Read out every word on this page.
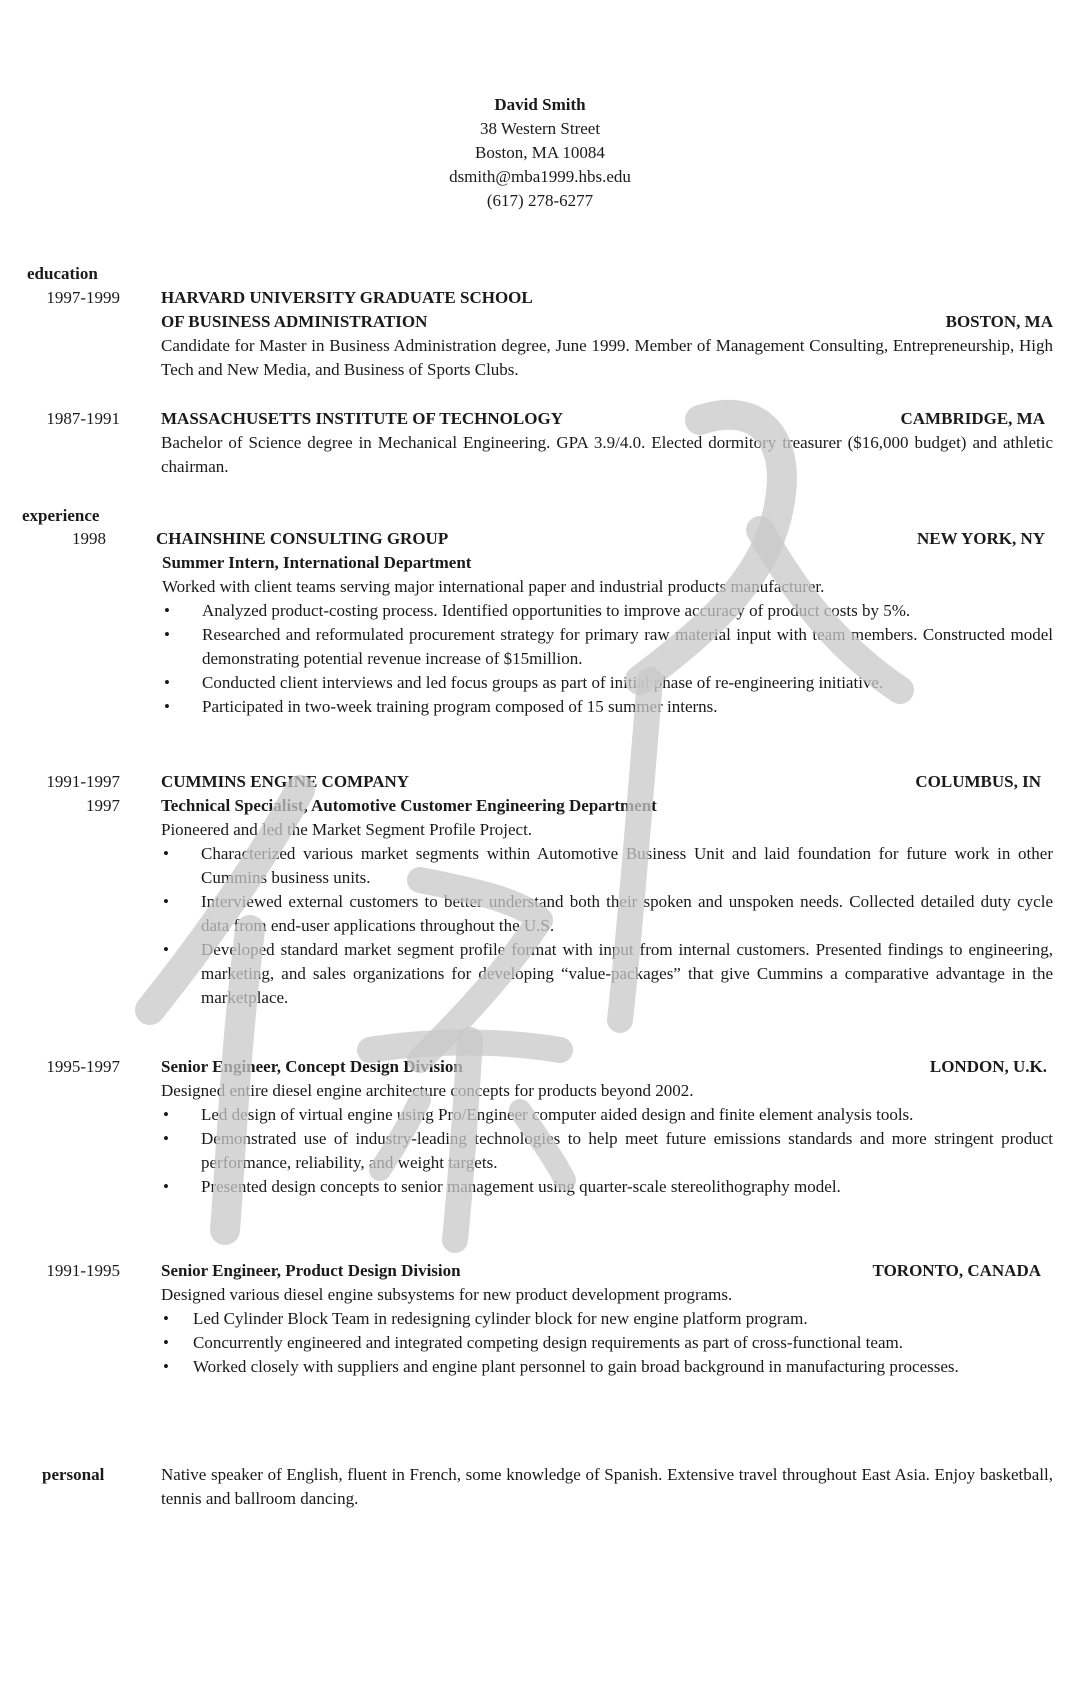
David Smith
38 Western Street
Boston, MA 10084
dsmith@mba1999.hbs.edu
(617) 278-6277
education
1997-1999 HARVARD UNIVERSITY GRADUATE SCHOOL
OF BUSINESS ADMINISTRATION	BOSTON, MA
Candidate for Master in Business Administration degree, June 1999. Member of Management Consulting, Entrepreneurship, High Tech and New Media, and Business of Sports Clubs.
1987-1991 MASSACHUSETTS INSTITUTE OF TECHNOLOGY	CAMBRIDGE, MA
Bachelor of Science degree in Mechanical Engineering. GPA 3.9/4.0. Elected dormitory treasurer ($16,000 budget) and athletic chairman.
experience
1998	CHAINSHINE CONSULTING GROUP	NEW YORK, NY
Summer Intern, International Department
Worked with client teams serving major international paper and industrial products manufacturer.
• Analyzed product-costing process. Identified opportunities to improve accuracy of product costs by 5%.
• Researched and reformulated procurement strategy for primary raw material input with team members. Constructed model demonstrating potential revenue increase of $15million.
• Conducted client interviews and led focus groups as part of initial phase of re-engineering initiative.
• Participated in two-week training program composed of 15 summer interns.
1991-1997
1997
CUMMINS ENGINE COMPANY	COLUMBUS, IN
Technical Specialist, Automotive Customer Engineering Department
Pioneered and led the Market Segment Profile Project.
• Characterized various market segments within Automotive Business Unit and laid foundation for future work in other Cummins business units.
• Interviewed external customers to better understand both their spoken and unspoken needs. Collected detailed duty cycle data from end-user applications throughout the U.S.
• Developed standard market segment profile format with input from internal customers. Presented findings to engineering, marketing, and sales organizations for developing “value-packages” that give Cummins a comparative advantage in the marketplace.
1995-1997 Senior Engineer, Concept Design Division	LONDON, U.K.
Designed entire diesel engine architecture concepts for products beyond 2002.
• Led design of virtual engine using Pro/Engineer computer aided design and finite element analysis tools.
• Demonstrated use of industry-leading technologies to help meet future emissions standards and more stringent product performance, reliability, and weight targets.
• Presented design concepts to senior management using quarter-scale stereolithography model.
1991-1995 Senior Engineer, Product Design Division	TORONTO, CANADA
Designed various diesel engine subsystems for new product development programs.
• Led Cylinder Block Team in redesigning cylinder block for new engine platform program.
• Concurrently engineered and integrated competing design requirements as part of cross-functional team.
• Worked closely with suppliers and engine plant personnel to gain broad background in manufacturing processes.
personal	Native speaker of English, fluent in French, some knowledge of Spanish. Extensive travel throughout East Asia. Enjoy basketball, tennis and ballroom dancing.
